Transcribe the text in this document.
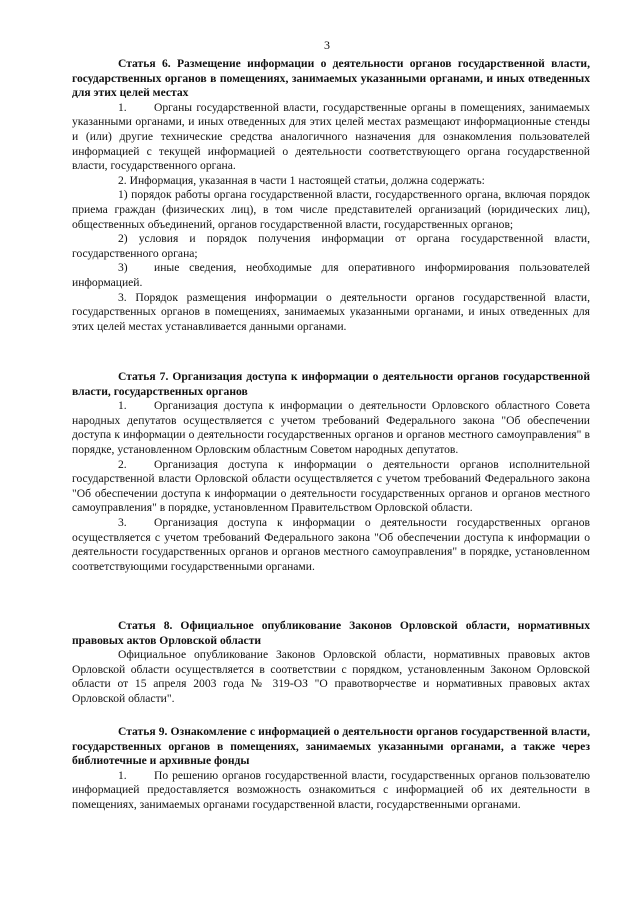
3
Статья 6. Размещение информации о деятельности органов государственной власти, государственных органов в помещениях, занимаемых указанными органами, и иных отведенных для этих целей местах

1. Органы государственной власти, государственные органы в помещениях, занимаемых указанными органами, и иных отведенных для этих целей местах размещают информационные стенды и (или) другие технические средства аналогичного назначения для ознакомления пользователей информацией с текущей информацией о деятельности соответствующего органа государственной власти, государственного органа.

2. Информация, указанная в части 1 настоящей статьи, должна содержать:

1) порядок работы органа государственной власти, государственного органа, включая порядок приема граждан (физических лиц), в том числе представителей организаций (юридических лиц), общественных объединений, органов государственной власти, государственных органов;

2) условия и порядок получения информации от органа государственной власти, государственного органа;

3) иные сведения, необходимые для оперативного информирования пользователей информацией.

3. Порядок размещения информации о деятельности органов государственной власти, государственных органов в помещениях, занимаемых указанными органами, и иных отведенных для этих целей местах устанавливается данными органами.

Статья 7. Организация доступа к информации о деятельности органов государственной власти, государственных органов

1. Организация доступа к информации о деятельности Орловского областного Совета народных депутатов осуществляется с учетом требований Федерального закона "Об обеспечении доступа к информации о деятельности государственных органов и органов местного самоуправления" в порядке, установленном Орловским областным Советом народных депутатов.

2. Организация доступа к информации о деятельности органов исполнительной государственной власти Орловской области осуществляется с учетом требований Федерального закона "Об обеспечении доступа к информации о деятельности государственных органов и органов местного самоуправления" в порядке, установленном Правительством Орловской области.

3. Организация доступа к информации о деятельности государственных органов осуществляется с учетом требований Федерального закона "Об обеспечении доступа к информации о деятельности государственных органов и органов местного самоуправления" в порядке, установленном соответствующими государственными органами.

Статья 8. Официальное опубликование Законов Орловской области, нормативных правовых актов Орловской области

Официальное опубликование Законов Орловской области, нормативных правовых актов Орловской области осуществляется в соответствии с порядком, установленным Законом Орловской области от 15 апреля 2003 года № 319-ОЗ "О правотворчестве и нормативных правовых актах Орловской области".

Статья 9. Ознакомление с информацией о деятельности органов государственной власти, государственных органов в помещениях, занимаемых указанными органами, а также через библиотечные и архивные фонды

1. По решению органов государственной власти, государственных органов пользователю информацией предоставляется возможность ознакомиться с информацией об их деятельности в помещениях, занимаемых органами государственной власти, государственными органами.
